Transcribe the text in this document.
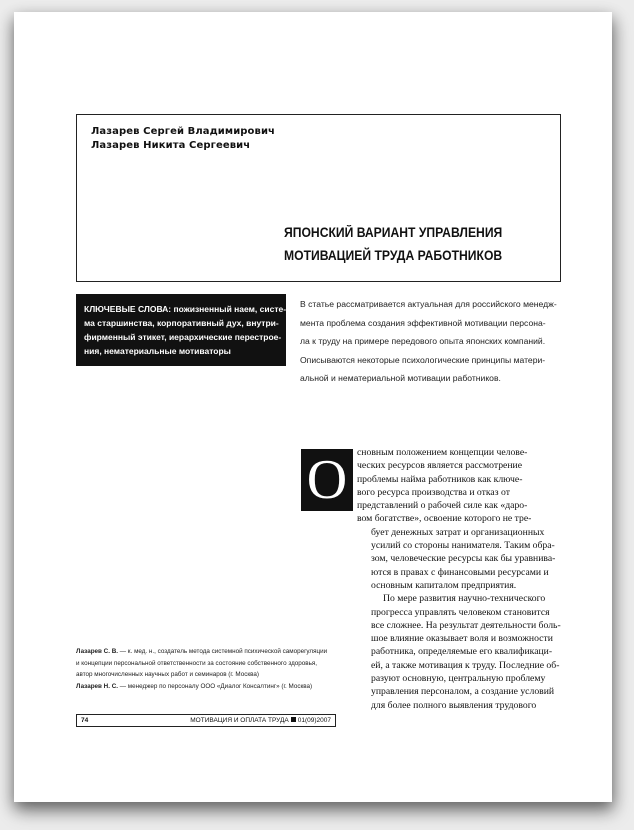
Лазарев Сергей Владимирович
Лазарев Никита Сергеевич
ЯПОНСКИЙ ВАРИАНТ УПРАВЛЕНИЯ
МОТИВАЦИЕЙ ТРУДА РАБОТНИКОВ
КЛЮЧЕВЫЕ СЛОВА: пожизненный наем, систе-
ма старшинства, корпоративный дух, внутри-
фирменный этикет, иерархические перестрое-
ния, нематериальные мотиваторы
В статье рассматривается актуальная для российского менедж-
мента проблема создания эффективной мотивации персона-
ла к труду на примере передового опыта японских компаний.
Описываются некоторые психологические принципы матери-
альной и нематериальной мотивации работников.
О	сновным положением концепции челове-
ческих ресурсов является рассмотрение
проблемы найма работников как ключе-
вого ресурса производства и отказ от
представлений о рабочей силе как «даро-
вом богатстве», освоение которого не тре-
бует денежных затрат и организационных
усилий со стороны нанимателя. Таким обра-
зом, человеческие ресурсы как бы уравнива-
ются в правах с финансовыми ресурсами и
основным капиталом предприятия.
По мере развития научно-технического
прогресса управлять человеком становится
все сложнее. На результат деятельности боль-
шое влияние оказывает воля и возможности
работника, определяемые его квалификаци-
ей, а также мотивация к труду. Последние об-
разуют основную, центральную проблему
управления персоналом, а создание условий
для более полного выявления трудового
Лазарев С. В. — к. мед. н., создатель метода системной психической саморегуляции
и концепции персональной ответственности за состояние собственного здоровья,
автор многочисленных научных работ и семинаров (г. Москва)
Лазарев Н. С. — менеджер по персоналу ООО «Диалог Консалтинг» (г. Москва)
74	МОТИВАЦИЯ И ОПЛАТА ТРУДА 01(09)2007
